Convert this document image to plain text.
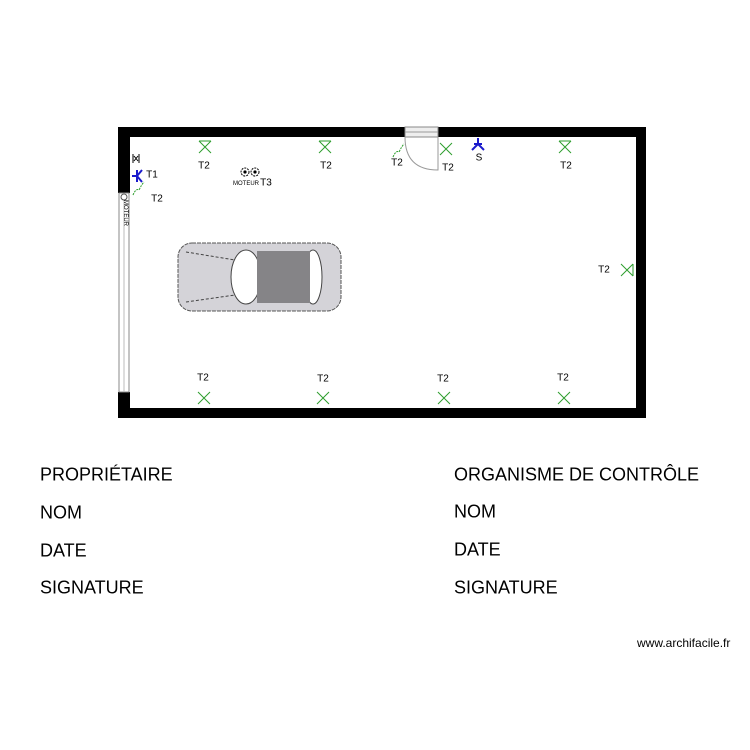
T2	T2	T2	T2
S
T2
T2
T2	T2	T2	T2
T1
T2
MOTEUR T3
MOTEUR
PROPRIÉTAIRE
NOM
DATE
SIGNATURE
ORGANISME DE CONTRÔLE
NOM
DATE
SIGNATURE
www.archifacile.fr
